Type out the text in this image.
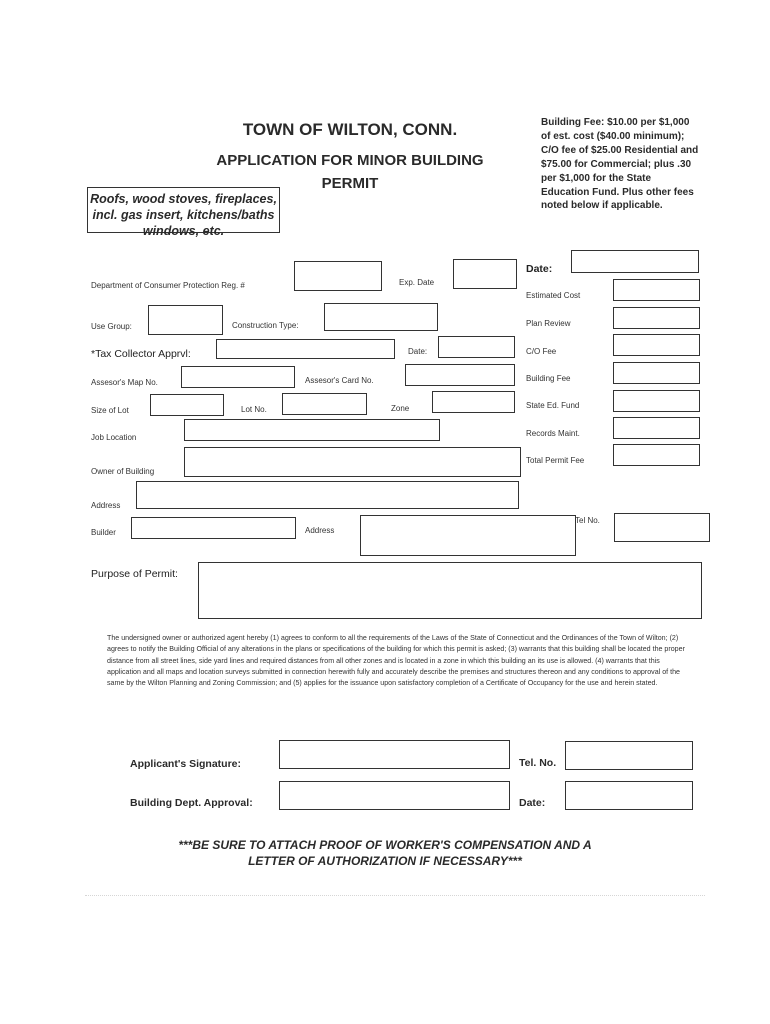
TOWN OF WILTON, CONN.
APPLICATION FOR MINOR BUILDING
PERMIT
Building Fee: $10.00 per $1,000 of est. cost ($40.00 minimum); C/O fee of $25.00 Residential and $75.00 for Commercial; plus .30 per $1,000 for the State Education Fund. Plus other fees noted below if applicable.
Roofs, wood stoves, fireplaces, incl. gas insert, kitchens/baths windows, etc.
Department of Consumer Protection Reg. #	Exp. Date
Use Group:	Construction Type:
*Tax Collector Apprvl:	Date:
Assesor's Map No.	Assesor's Card No.
Size of Lot	Lot No.	Zone
Job Location
Owner of Building
Address
Builder	Address
Tel No.
Purpose of Permit:
Date:
Estimated Cost
Plan Review
C/O Fee
Building Fee
State Ed. Fund
Records Maint.
Total Permit Fee
The undersigned owner or authorized agent hereby (1) agrees to conform to all the requirements of the Laws of the State of Connecticut and the Ordinances of the Town of Wilton; (2) agrees to notify the Building Official of any alterations in the plans or specifications of the building for which this permit is asked; (3) warrants that this building shall be located the proper distance from all street lines, side yard lines and required distances from all other zones and is located in a zone in which this building an its use is allowed. (4) warrants that this application and all maps and location surveys submitted in connection herewith fully and accurately describe the premises and structures thereon and any conditions to approval of the same by the Wilton Planning and Zoning Commission; and (5) applies for the issuance upon satisfactory completion of a Certificate of Occupancy for the use and herein stated.
Applicant's Signature:	Tel. No.
Building Dept. Approval:	Date:
***BE SURE TO ATTACH PROOF OF WORKER'S COMPENSATION AND A
LETTER OF AUTHORIZATION IF NECESSARY***
